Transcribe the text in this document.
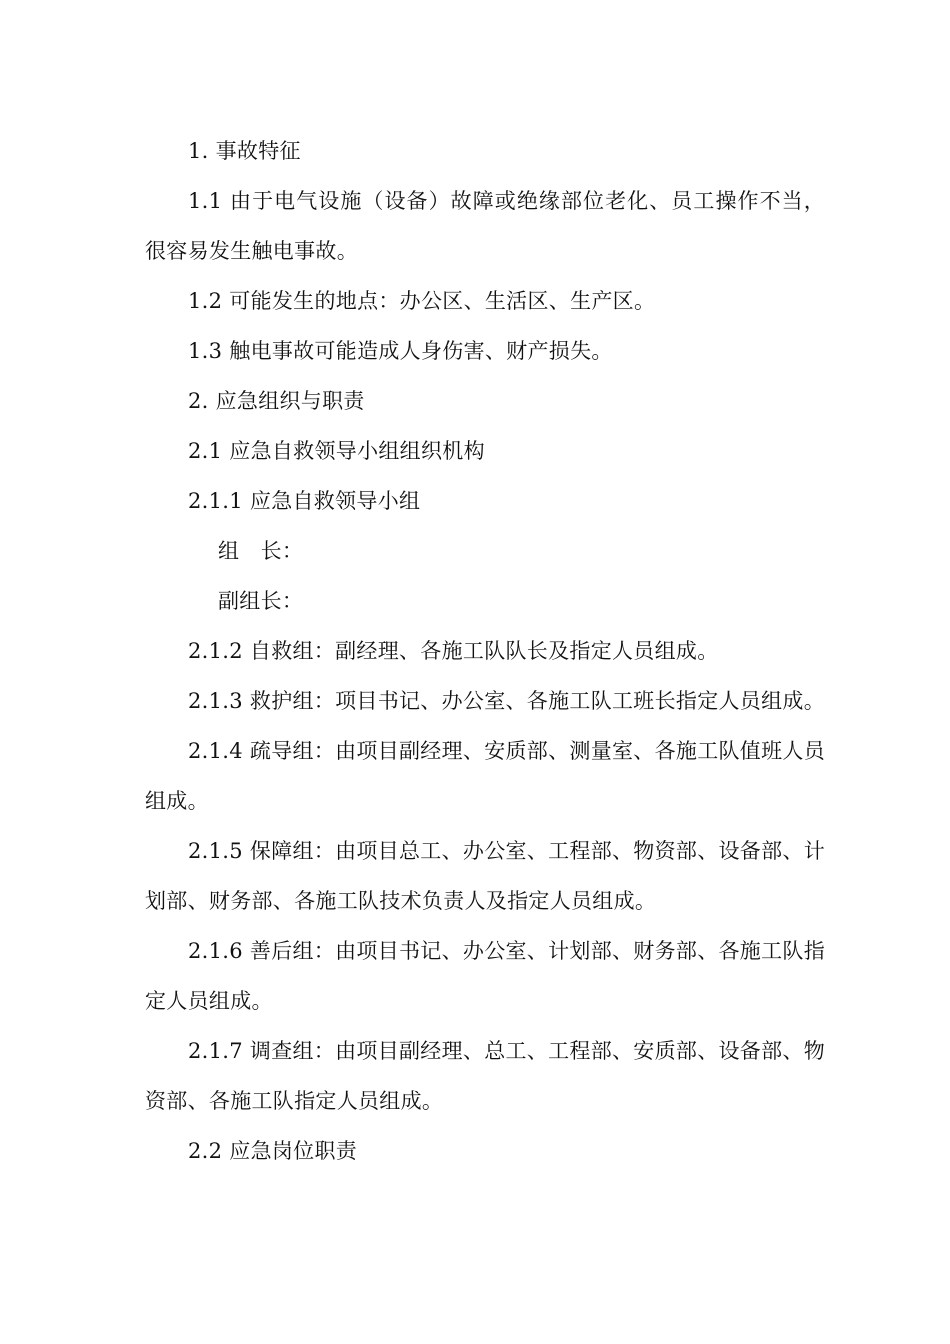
1. 事故特征

1.1 由于电气设施（设备）故障或绝缘部位老化、员工操作不当，很容易发生触电事故。

1.2 可能发生的地点：办公区、生活区、生产区。

1.3 触电事故可能造成人身伤害、财产损失。

2. 应急组织与职责

2.1 应急自救领导小组组织机构

2.1.1 应急自救领导小组

组　长：

副组长：

2.1.2 自救组：副经理、各施工队队长及指定人员组成。

2.1.3 救护组：项目书记、办公室、各施工队工班长指定人员组成。

2.1.4 疏导组：由项目副经理、安质部、测量室、各施工队值班人员组成。

2.1.5 保障组：由项目总工、办公室、工程部、物资部、设备部、计划部、财务部、各施工队技术负责人及指定人员组成。

2.1.6 善后组：由项目书记、办公室、计划部、财务部、各施工队指定人员组成。

2.1.7 调查组：由项目副经理、总工、工程部、安质部、设备部、物资部、各施工队指定人员组成。

2.2 应急岗位职责
